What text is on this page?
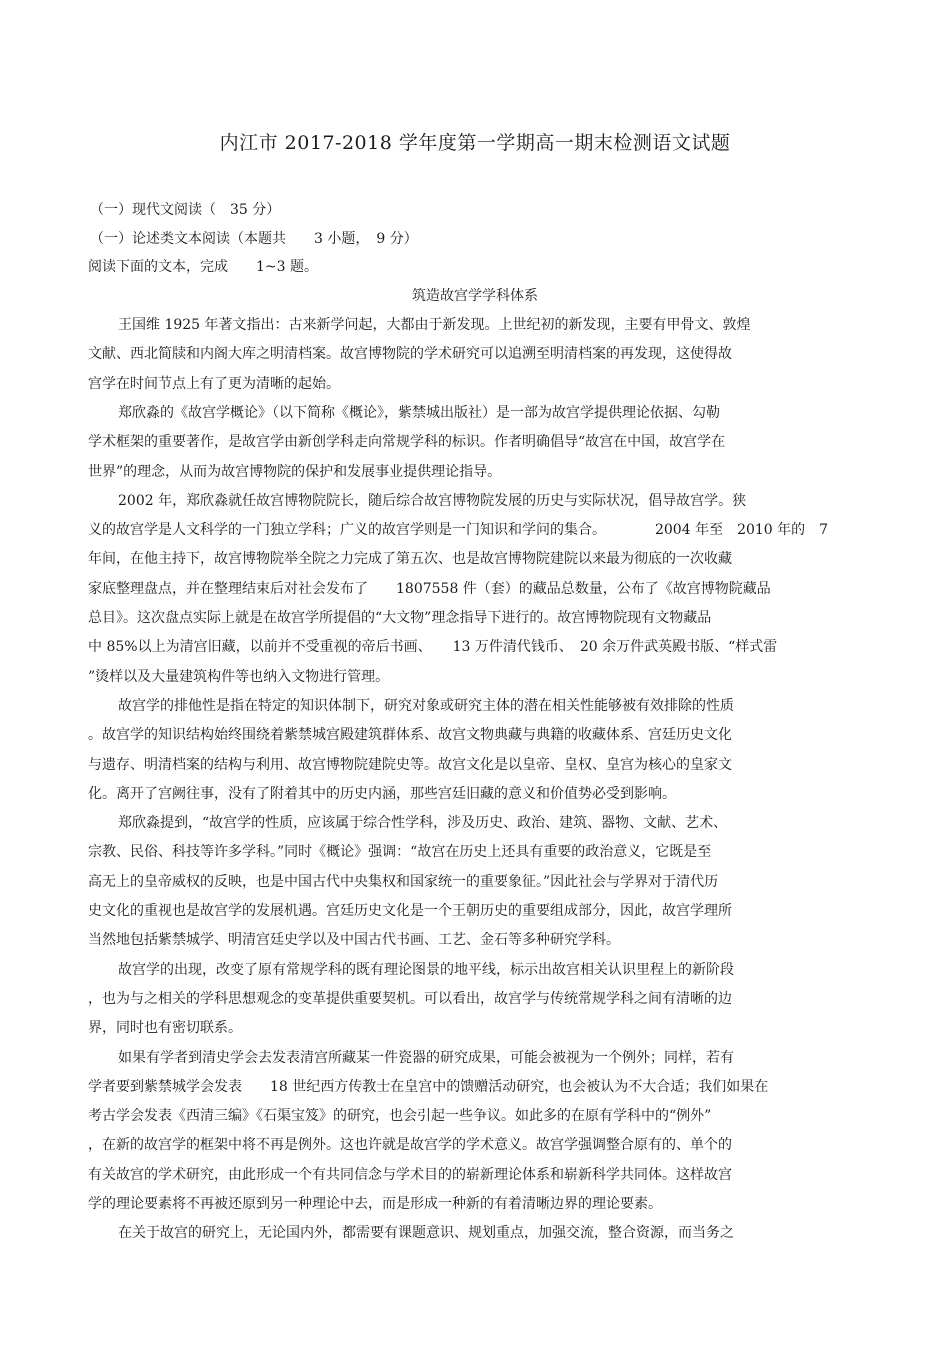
内江市 2017-2018 学年度第一学期高一期末检测语文试题
（一）现代文阅读（　35 分）
（一）论述类文本阅读（本题共　　3 小题，　9 分）
阅读下面的文本，完成　　1~3 题。
筑造故宫学学科体系
王国维 1925 年著文指出：古来新学问起，大都由于新发现。上世纪初的新发现，主要有甲骨文、敦煌
文献、西北简牍和内阁大库之明清档案。故宫博物院的学术研究可以追溯至明清档案的再发现，这使得故
宫学在时间节点上有了更为清晰的起始。
郑欣淼的《故宫学概论》（以下简称《概论》，紫禁城出版社）是一部为故宫学提供理论依据、勾勒
学术框架的重要著作，是故宫学由新创学科走向常规学科的标识。作者明确倡导“故宫在中国，故宫学在
世界”的理念，从而为故宫博物院的保护和发展事业提供理论指导。
2002 年，郑欣淼就任故宫博物院院长，随后综合故宫博物院发展的历史与实际状况，倡导故宫学。狭
义的故宫学是人文科学的一门独立学科；广义的故宫学则是一门知识和学问的集合。　　　　2004 年至　2010 年的　7
年间，在他主持下，故宫博物院举全院之力完成了第五次、也是故宫博物院建院以来最为彻底的一次收藏
家底整理盘点，并在整理结束后对社会发布了　　1807558 件（套）的藏品总数量，公布了《故宫博物院藏品
总目》。这次盘点实际上就是在故宫学所提倡的“大文物”理念指导下进行的。故宫博物院现有文物藏品
中 85%以上为清宫旧藏，以前并不受重视的帝后书画、　　13 万件清代钱币、　20 余万件武英殿书版、“样式雷
”烫样以及大量建筑构件等也纳入文物进行管理。
故宫学的排他性是指在特定的知识体制下，研究对象或研究主体的潜在相关性能够被有效排除的性质
。故宫学的知识结构始终围绕着紫禁城宫殿建筑群体系、故宫文物典藏与典籍的收藏体系、宫廷历史文化
与遗存、明清档案的结构与利用、故宫博物院建院史等。故宫文化是以皇帝、皇权、皇宫为核心的皇家文
化。离开了宫阙往事，没有了附着其中的历史内涵，那些宫廷旧藏的意义和价值势必受到影响。
郑欣淼提到，“故宫学的性质，应该属于综合性学科，涉及历史、政治、建筑、器物、文献、艺术、
宗教、民俗、科技等许多学科。”同时《概论》强调：“故宫在历史上还具有重要的政治意义，它既是至
高无上的皇帝威权的反映，也是中国古代中央集权和国家统一的重要象征。”因此社会与学界对于清代历
史文化的重视也是故宫学的发展机遇。宫廷历史文化是一个王朝历史的重要组成部分，因此，故宫学理所
当然地包括紫禁城学、明清宫廷史学以及中国古代书画、工艺、金石等多种研究学科。
故宫学的出现，改变了原有常规学科的既有理论图景的地平线，标示出故宫相关认识里程上的新阶段
，也为与之相关的学科思想观念的变革提供重要契机。可以看出，故宫学与传统常规学科之间有清晰的边
界，同时也有密切联系。
如果有学者到清史学会去发表清宫所藏某一件瓷器的研究成果，可能会被视为一个例外；同样，若有
学者要到紫禁城学会发表　　18 世纪西方传教士在皇宫中的馈赠活动研究，也会被认为不大合适；我们如果在
考古学会发表《西清三编》《石渠宝笈》的研究，也会引起一些争议。如此多的在原有学科中的“例外”
，在新的故宫学的框架中将不再是例外。这也许就是故宫学的学术意义。故宫学强调整合原有的、单个的
有关故宫的学术研究，由此形成一个有共同信念与学术目的的崭新理论体系和崭新科学共同体。这样故宫
学的理论要素将不再被还原到另一种理论中去，而是形成一种新的有着清晰边界的理论要素。
在关于故宫的研究上，无论国内外，都需要有课题意识、规划重点，加强交流，整合资源，而当务之
